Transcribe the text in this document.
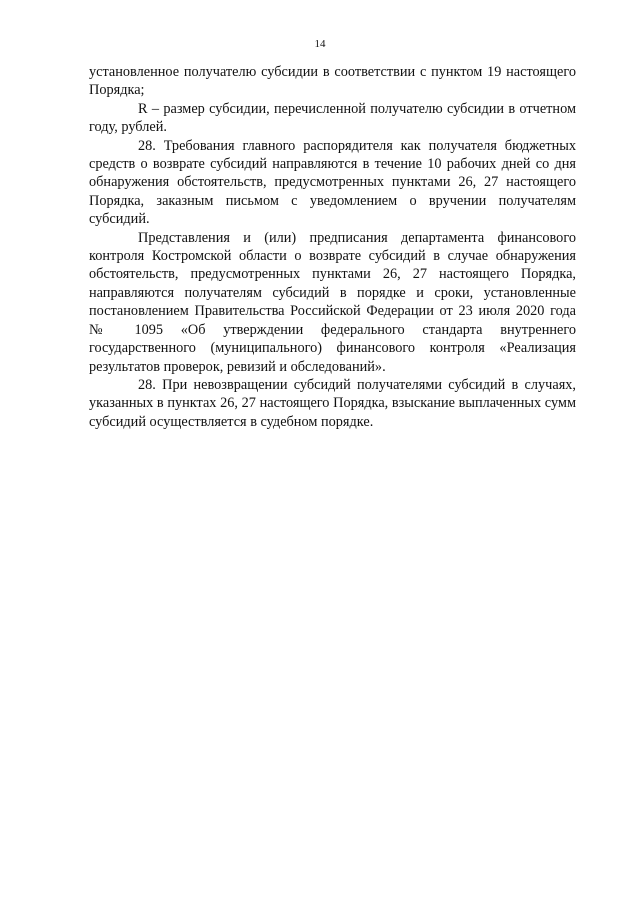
14

установленное получателю субсидии в соответствии с пунктом 19 настоящего Порядка;

R – размер субсидии, перечисленной получателю субсидии в отчетном году, рублей.

28. Требования главного распорядителя как получателя бюджетных средств о возврате субсидий направляются в течение 10 рабочих дней со дня обнаружения обстоятельств, предусмотренных пунктами 26, 27 настоящего Порядка, заказным письмом с уведомлением о вручении получателям субсидий.

Представления и (или) предписания департамента финансового контроля Костромской области о возврате субсидий в случае обнаружения обстоятельств, предусмотренных пунктами 26, 27 настоящего Порядка, направляются получателям субсидий в порядке и сроки, установленные постановлением Правительства Российской Федерации от 23 июля 2020 года № 1095 «Об утверждении федерального стандарта внутреннего государственного (муниципального) финансового контроля «Реализация результатов проверок, ревизий и обследований».

28. При невозвращении субсидий получателями субсидий в случаях, указанных в пунктах 26, 27 настоящего Порядка, взыскание выплаченных сумм субсидий осуществляется в судебном порядке.
